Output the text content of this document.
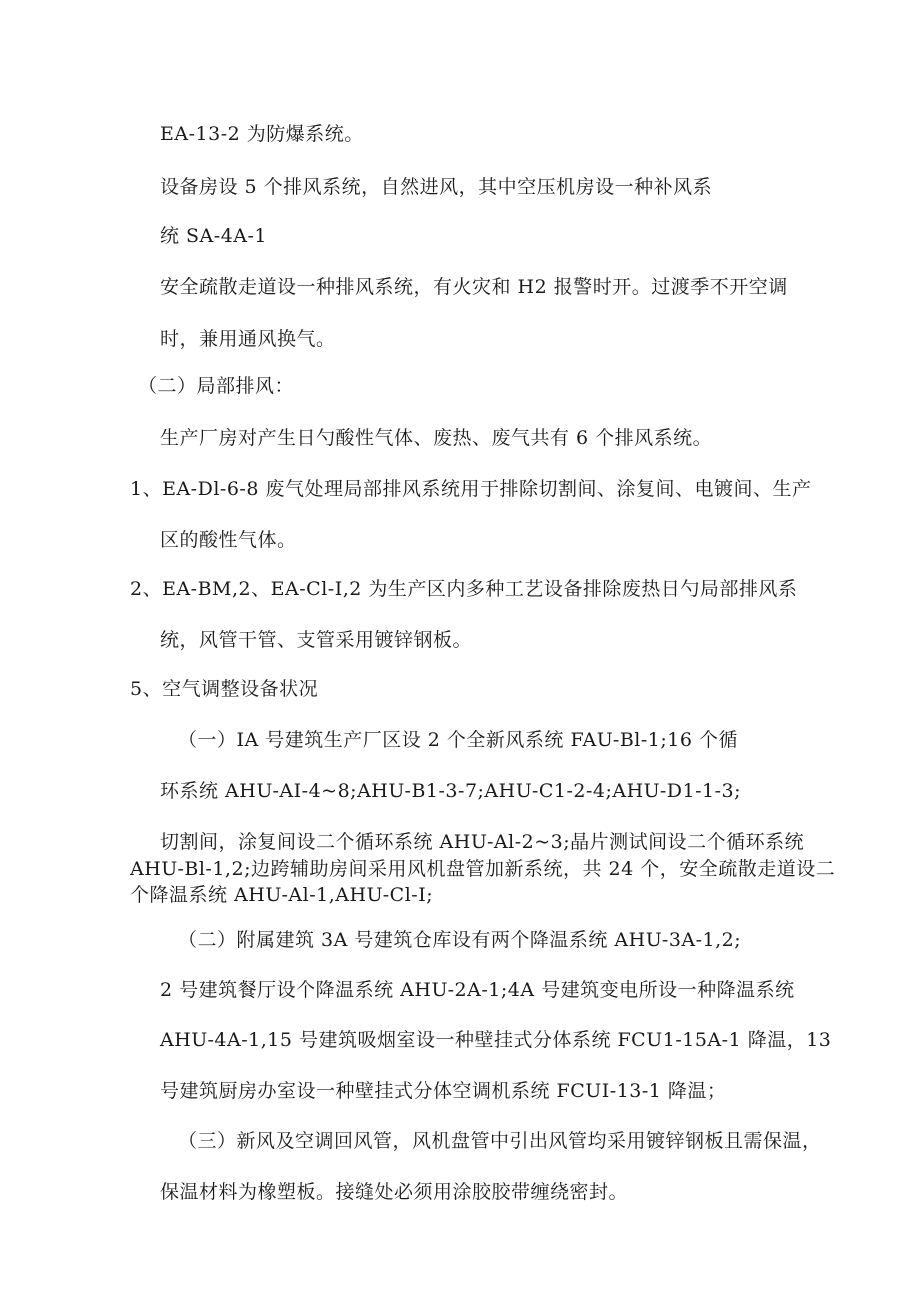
EA-13-2 为防爆系统。
设备房设 5 个排风系统，自然进风，其中空压机房设一种补风系
统 SA-4A-1
安全疏散走道设一种排风系统，有火灾和 H2 报警时开。过渡季不开空调
时，兼用通风换气。
（二）局部排风：
生产厂房对产生日勺酸性气体、废热、废气共有 6 个排风系统。
1、EA-Dl-6-8 废气处理局部排风系统用于排除切割间、涂复间、电镀间、生产
区的酸性气体。
2、EA-BM,2、EA-Cl-I,2 为生产区内多种工艺设备排除废热日勺局部排风系
统，风管干管、支管采用镀锌钢板。
5、空气调整设备状况
（一）IA 号建筑生产厂区设 2 个全新风系统 FAU-Bl-1;16 个循
环系统 AHU-AI-4~8;AHU-B1-3-7;AHU-C1-2-4;AHU-D1-1-3;
切割间，涂复间设二个循环系统 AHU-Al-2~3;晶片测试间设二个循环系统
AHU-Bl-1,2;边跨辅助房间采用风机盘管加新系统，共 24 个，安全疏散走道设二
个降温系统 AHU-Al-1,AHU-Cl-I;
（二）附属建筑 3A 号建筑仓库设有两个降温系统 AHU-3A-1,2;
2 号建筑餐厅设个降温系统 AHU-2A-1;4A 号建筑变电所设一种降温系统
AHU-4A-1,15 号建筑吸烟室设一种壁挂式分体系统 FCU1-15A-1 降温，13
号建筑厨房办室设一种壁挂式分体空调机系统 FCUI-13-1 降温；
（三）新风及空调回风管，风机盘管中引出风管均采用镀锌钢板且需保温，
保温材料为橡塑板。接缝处必须用涂胶胶带缠绕密封。
